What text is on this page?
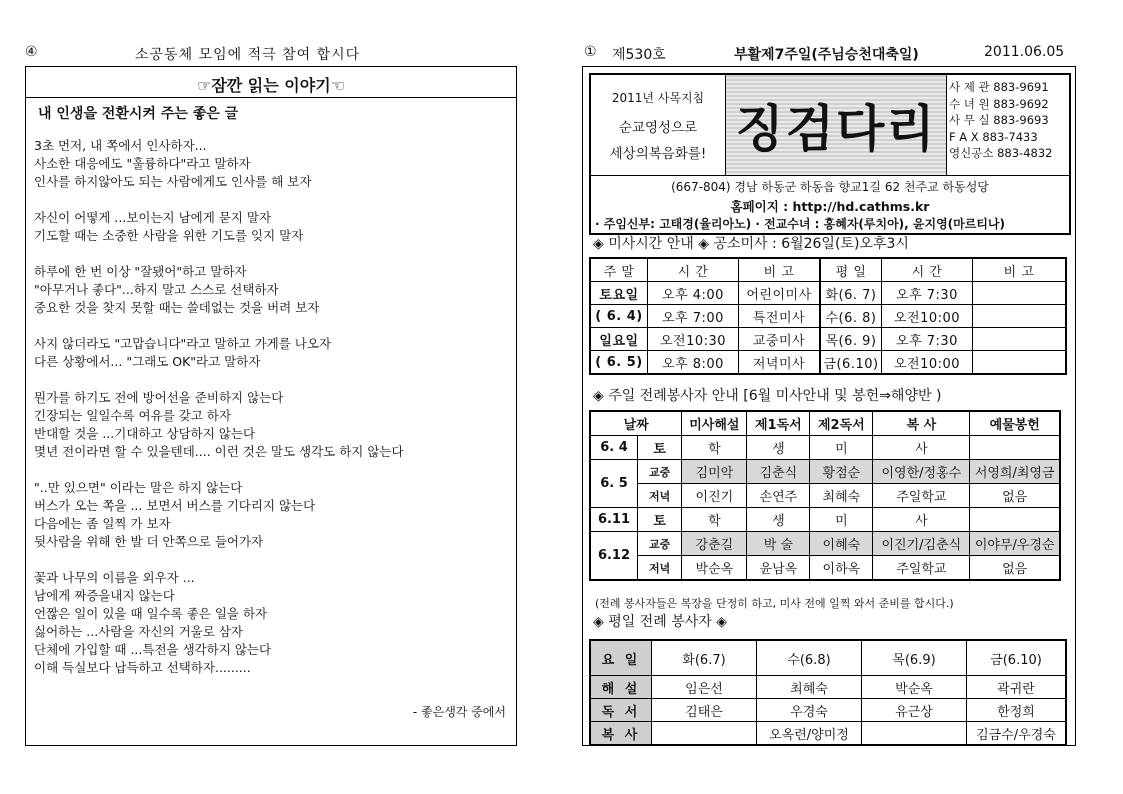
④	소공동체 모임에 적극 참여 합시다
☞잠깐 읽는 이야기☜
내 인생을 전환시켜 주는 좋은 글
3초 먼저, 내 쪽에서 인사하자...
사소한 대응에도 "훌륭하다"라고 말하자
인사를 하지않아도 되는 사람에게도 인사를 해 보자
자신이 어떻게 ...보이는지 남에게 묻지 말자
기도할 때는 소중한 사람을 위한 기도를 잊지 말자
하루에 한 번 이상 "잘됐어"하고 말하자
"아무거나 좋다"...하지 말고 스스로 선택하자
중요한 것을 찾지 못할 때는 쓸데없는 것을 버려 보자
사지 않더라도 "고맙습니다"라고 말하고 가게를 나오자
다른 상황에서... "그래도 OK"라고 말하자
뭔가를 하기도 전에 방어선을 준비하지 않는다
긴장되는 일일수록 여유를 갖고 하자
반대할 것을 ...기대하고 상담하지 않는다
몇년 전이라면 할 수 있을텐데.... 이런 것은 말도 생각도 하지 않는다
"..만 있으면" 이라는 말은 하지 않는다
버스가 오는 쪽을 ... 보면서 버스를 기다리지 않는다
다음에는 좀 일찍 가 보자
뒷사람을 위해 한 발 더 안쪽으로 들어가자
꽃과 나무의 이름을 외우자 ...
남에게 짜증을내지 않는다
언짢은 일이 있을 때 일수록 좋은 일을 하자
싫어하는 ...사람을 자신의 거울로 삼자
단체에 가입할 때 ...특전을 생각하지 않는다
이해 득실보다 납득하고 선택하자.........
- 좋은생각 중에서
① 제530호	부활제7주일(주님승천대축일)	2011.06.05
2011년 사목지침
순교영성으로
세상의복음화를! 징검다리
사 제 관 883-9691
수 녀 원 883-9692
사 무 실 883-9693
F A X 883-7433
영신공소 883-4832
(667-804) 경남 하동군 하동읍 향교1길 62 천주교 하동성당
홈페이지 : http://hd.cathms.kr
· 주임신부: 고태경(율리아노) · 전교수녀 : 홍혜자(루치아), 윤지영(마르티나)
◈ 미사시간 안내 ◈ 공소미사 : 6월26일(토)오후3시
주 말	시 간	비 고	평 일	시 간	비 고
토요일	오후 4:00	어린이미사	화(6. 7)	오후 7:30	
( 6. 4)	오후 7:00	특전미사	수(6. 8)	오전10:00	
일요일	오전10:30	교중미사	목(6. 9)	오후 7:30	
( 6. 5)	오후 8:00	저녁미사	금(6.10)	오전10:00	
◈ 주일 전례봉사자 안내 [6월 미사안내 및 봉헌⇒해양반 )
날짜		미사해설	제1독서	제2독서	복 사	예물봉헌
6. 4	토	학	생	미	사	
6. 5	교중	김미악	김춘식	황점순	이영한/정홍수	서영희/최영금
	저녁	이진기	손연주	최혜숙	주일학교	없음
6.11	토	학	생	미	사	
6.12	교중	강춘길	박 술	이혜숙	이진기/김춘식	이야무/우경순
	저녁	박순옥	윤남옥	이하옥	주일학교	없음
(전례 봉사자들은 복장을 단정히 하고, 미사 전에 일찍 와서 준비를 합시다.)
◈ 평일 전례 봉사자 ◈
요 일	화(6.7)	수(6.8)	목(6.9)	금(6.10)
해 설	임은선	최혜숙	박순옥	곽귀란
독 서	김태은	우경숙	유근상	한정희
복 사		오옥련/양미정		김금수/우경숙
